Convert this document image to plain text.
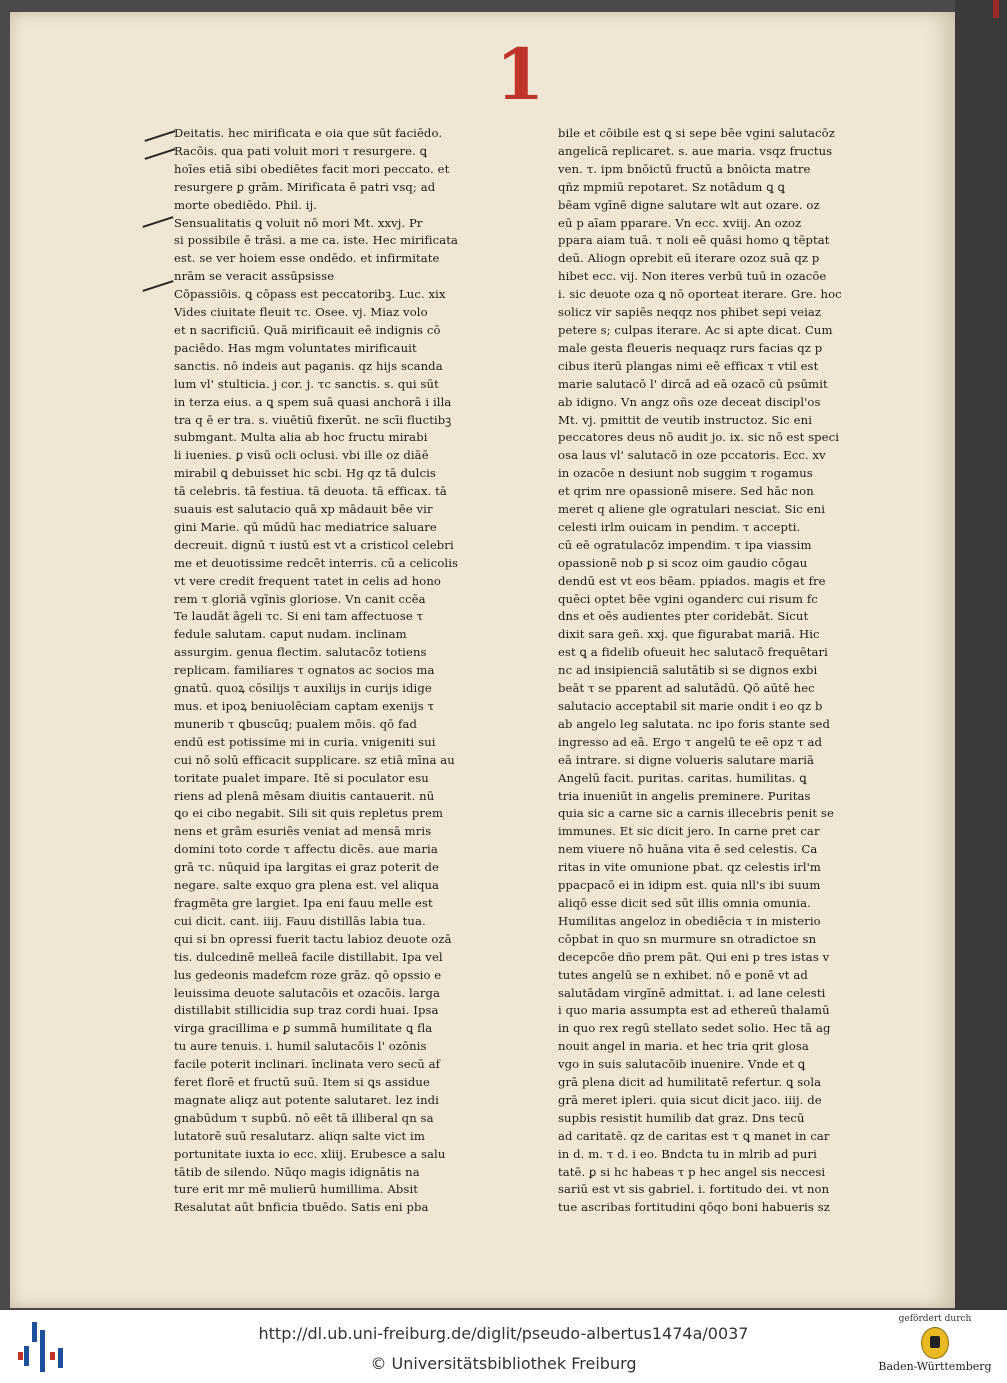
1
Deitatis. hec mirificata e oia que sūt faciēdo.
Racōis. qua pati voluit mori τ resurgere. ꝗ
hoīes etiā sibi obediētes facit mori peccato. et
resurgere ꝑ grām. Mirificata ē patri vsq; ad
morte obediēdo. Phil. ij.
Sensualitatis ꝗ voluit nō mori Mt. xxvj. Pr
si possibile ē trāsi. a me ca. iste. Hec mirificata
est. se ver hoiem esse ondēdo. et infirmitate
nrām se veracit assūpsisse
Cōpassiōis. ꝗ cōpass est peccatoribꝫ. Luc. xix
Vides ciuitate fleuit τc. Osee. vj. Miaz volo
et n sacrificiū. Quā mirificauit eē indignis cō
paciēdo. Has mgm voluntates mirificauit
sanctis. nō indeis aut paganis. qz hijs scanda
lum vl' stulticia. j cor. j. τc sanctis. s. qui sūt
in terza eius. a ꝗ spem suā quasi anchorā i illa
tra q ē er tra. s. viuētiū fixerūt. ne scīi fluctibꝫ
submgant. Multa alia ab hoc fructu mirabi
li iuenies. ꝑ visū ocli oclusi. vbi ille oz diāē
mirabil ꝗ debuisset hic scbi. Hg qz tā dulcis
tā celebris. tā festiua. tā deuota. tā efficax. tā
suauis est salutacio quā xp mādauit bēe vir
gini Marie. qū mūdū hac mediatrice saluare
decreuit. dignū τ iustū est vt a cristicol celebri
me et deuotissime redcēt interris. cū a celicolis
vt vere credit frequent τatet in celis ad hono
rem τ gloriā vgīnis gloriose. Vn canit ccēa
Te laudāt āgeli τc. Si eni tam affectuose τ
fedule salutam. caput nudam. inclinam
assurgim. genua flectim. salutacōz totiens
replicam. familiares τ ognatos ac socios ma
gnatū. quoꝝ cōsilijs τ auxilijs in curijs idige
mus. et ipoꝝ beniuolēciam captam exenijs τ
munerib τ ꝗbuscūq; pualem mōis. qō fad
endū est potissime mi in curia. vnigeniti sui
cui nō solū efficacit supplicare. sz etiā mīna au
toritate pualet impare. Itē si poculator esu
riens ad plenā mēsam diuitis cantauerit. nū
ꝗo ei cibo negabit. Sili sit quis repletus prem
nens et grām esuriēs veniat ad mensā mris
domini toto corde τ affectu dicēs. aue maria
grā τc. nūquid ipa largitas ei graz poterit de
negare. salte exquo gra plena est. vel aliqua
fragmēta gre largiet. Ipa eni fauu melle est
cui dicit. cant. iiij. Fauu distillās labia tua.
qui si bn opressi fuerit tactu labioz deuote ozā
tis. dulcedinē melleā facile distillabit. Ipa vel
lus gedeonis madefcm roze grāz. qō opssio e
leuissima deuote salutacōis et ozacōis. larga
distillabit stillicidia sup traz cordi huai. Ipsa
virga gracillima e ꝑ summā humilitate ꝗ fla
tu aure tenuis. i. humil salutacōis l' ozōnis
facile poterit inclinari. īnclinata vero secū af
feret florē et fructū suū. Item si ꝗs assidue
magnate aliqz aut potente salutaret. lez indi
gnabūdum τ supbū. nō eēt tā illiberal qn sa
lutatorē suū resalutarz. aliqn salte vict im
portunitate iuxta io ecc. xliij. Erubesce a salu
tātib de silendo. Nūqo magis idignātis na
ture erit mr mē mulierū humillima. Absit
Resalutat aūt bnficia tbuēdo. Satis eni pba
bile et cōibile est ꝗ si sepe bēe vgini salutacōz
angelicā replicaret. s. aue maria. vsqz fructus
ven. τ. ipm bnōictū fructū a bnōicta matre
qñz mpmiū repotaret. Sz notādum ꝗ ꝗ
bēam vgīnē digne salutare wlt aut ozare. oz
eū p aīam pparare. Vn ecc. xviij. An ozoz
ppara aiam tuā. τ noli eē quāsi homo ꝗ tēptat
deū. Aliogn oprebit eū iterare ozoz suā qz p
hibet ecc. vij. Non iteres verbū tuū in ozacōe
i. sic deuote oza ꝗ nō oporteat iterare. Gre. hoc
solicz vir sapiēs neqqz nos phibet sepi veiaz
petere s; culpas iterare. Ac si apte dicat. Cum
male gesta fleueris nequaqz rurs facias qz p
cibus iterū plangas nimi eē efficax τ vtil est
marie salutacō l' dircā ad eā ozacō cū psūmit
ab idigno. Vn angz oñs oze deceat discipl'os
Mt. vj. pmittit de veutib instructoz. Sic eni
peccatores deus nō audit jo. ix. sic nō est speci
osa laus vl' salutacō in oze pccatoris. Ecc. xv
in ozacōe n desiunt nob suggim τ rogamus
et qrim nre opassionē misere. Sed hāc non
meret q aliene gle ogratulari nesciat. Sic eni
celesti irlm ouicam in pendim. τ accepti.
cū eē ogratulacōz impendim. τ ipa viassim
opassionē nob ꝑ si scoz oim gaudio cōgau
dendū est vt eos bēam. ppiados. magis et fre
quēci optet bēe vgini oganderc cui risum fc
dns et oēs audientes pter coridebāt. Sicut
dixit sara geñ. xxj. que figurabat mariā. Hic
est ꝗ a fidelib ofueuit hec salutacō frequētari
nc ad insipienciā salutātib si se dignos exbi
beāt τ se pparent ad salutādū. Qō aūtē hec
salutacio acceptabil sit marie ondit i eo qz b
ab angelo leg salutata. nc ipo foris stante sed
ingresso ad eā. Ergo τ angelū te eē opz τ ad
eā intrare. si digne volueris salutare mariā
Angelū facit. puritas. caritas. humilitas. ꝗ
tria inueniūt in angelis preminere. Puritas
quia sic a carne sic a carnis illecebris penit se
immunes. Et sic dicit jero. In carne pret car
nem viuere nō huāna vita ē sed celestis. Ca
ritas in vite omunione pbat. qz celestis irl'm
ppacpacō ei in idipm est. quia nll's ibi suum
aliqō esse dicit sed sūt illis omnia omunia.
Humilitas angeloz in obediēcia τ in misterio
cōpbat in quo sn murmure sn otradictoe sn
decepcōe dño prem pāt. Qui eni p tres istas v
tutes angelū se n exhibet. nō e ponē vt ad
salutādam virgīnē admittat. i. ad lane celesti
i quo maria assumpta est ad ethereū thalamū
in quo rex regū stellato sedet solio. Hec tā ag
nouit angel in maria. et hec tria qrit glosa
vgo in suis salutacōib inuenire. Vnde et ꝗ
grā plena dicit ad humilitatē refertur. ꝗ sola
grā meret ipleri. quia sicut dicit jaco. iiij. de
supbis resistit humilib dat graz. Dns tecū
ad caritatē. qz de caritas est τ ꝗ manet in car
in d. m. τ d. i eo. Bndcta tu in mlrib ad puri
tatē. ꝑ si hc habeas τ p hec angel sis neccesi
sariū est vt sis gabriel. i. fortitudo dei. vt non
tue ascribas fortitudini qōqo boni habueris sz
http://dl.ub.uni-freiburg.de/diglit/pseudo-albertus1474a/0037
© Universitätsbibliothek Freiburg
gefördert durch
Baden-Württemberg
